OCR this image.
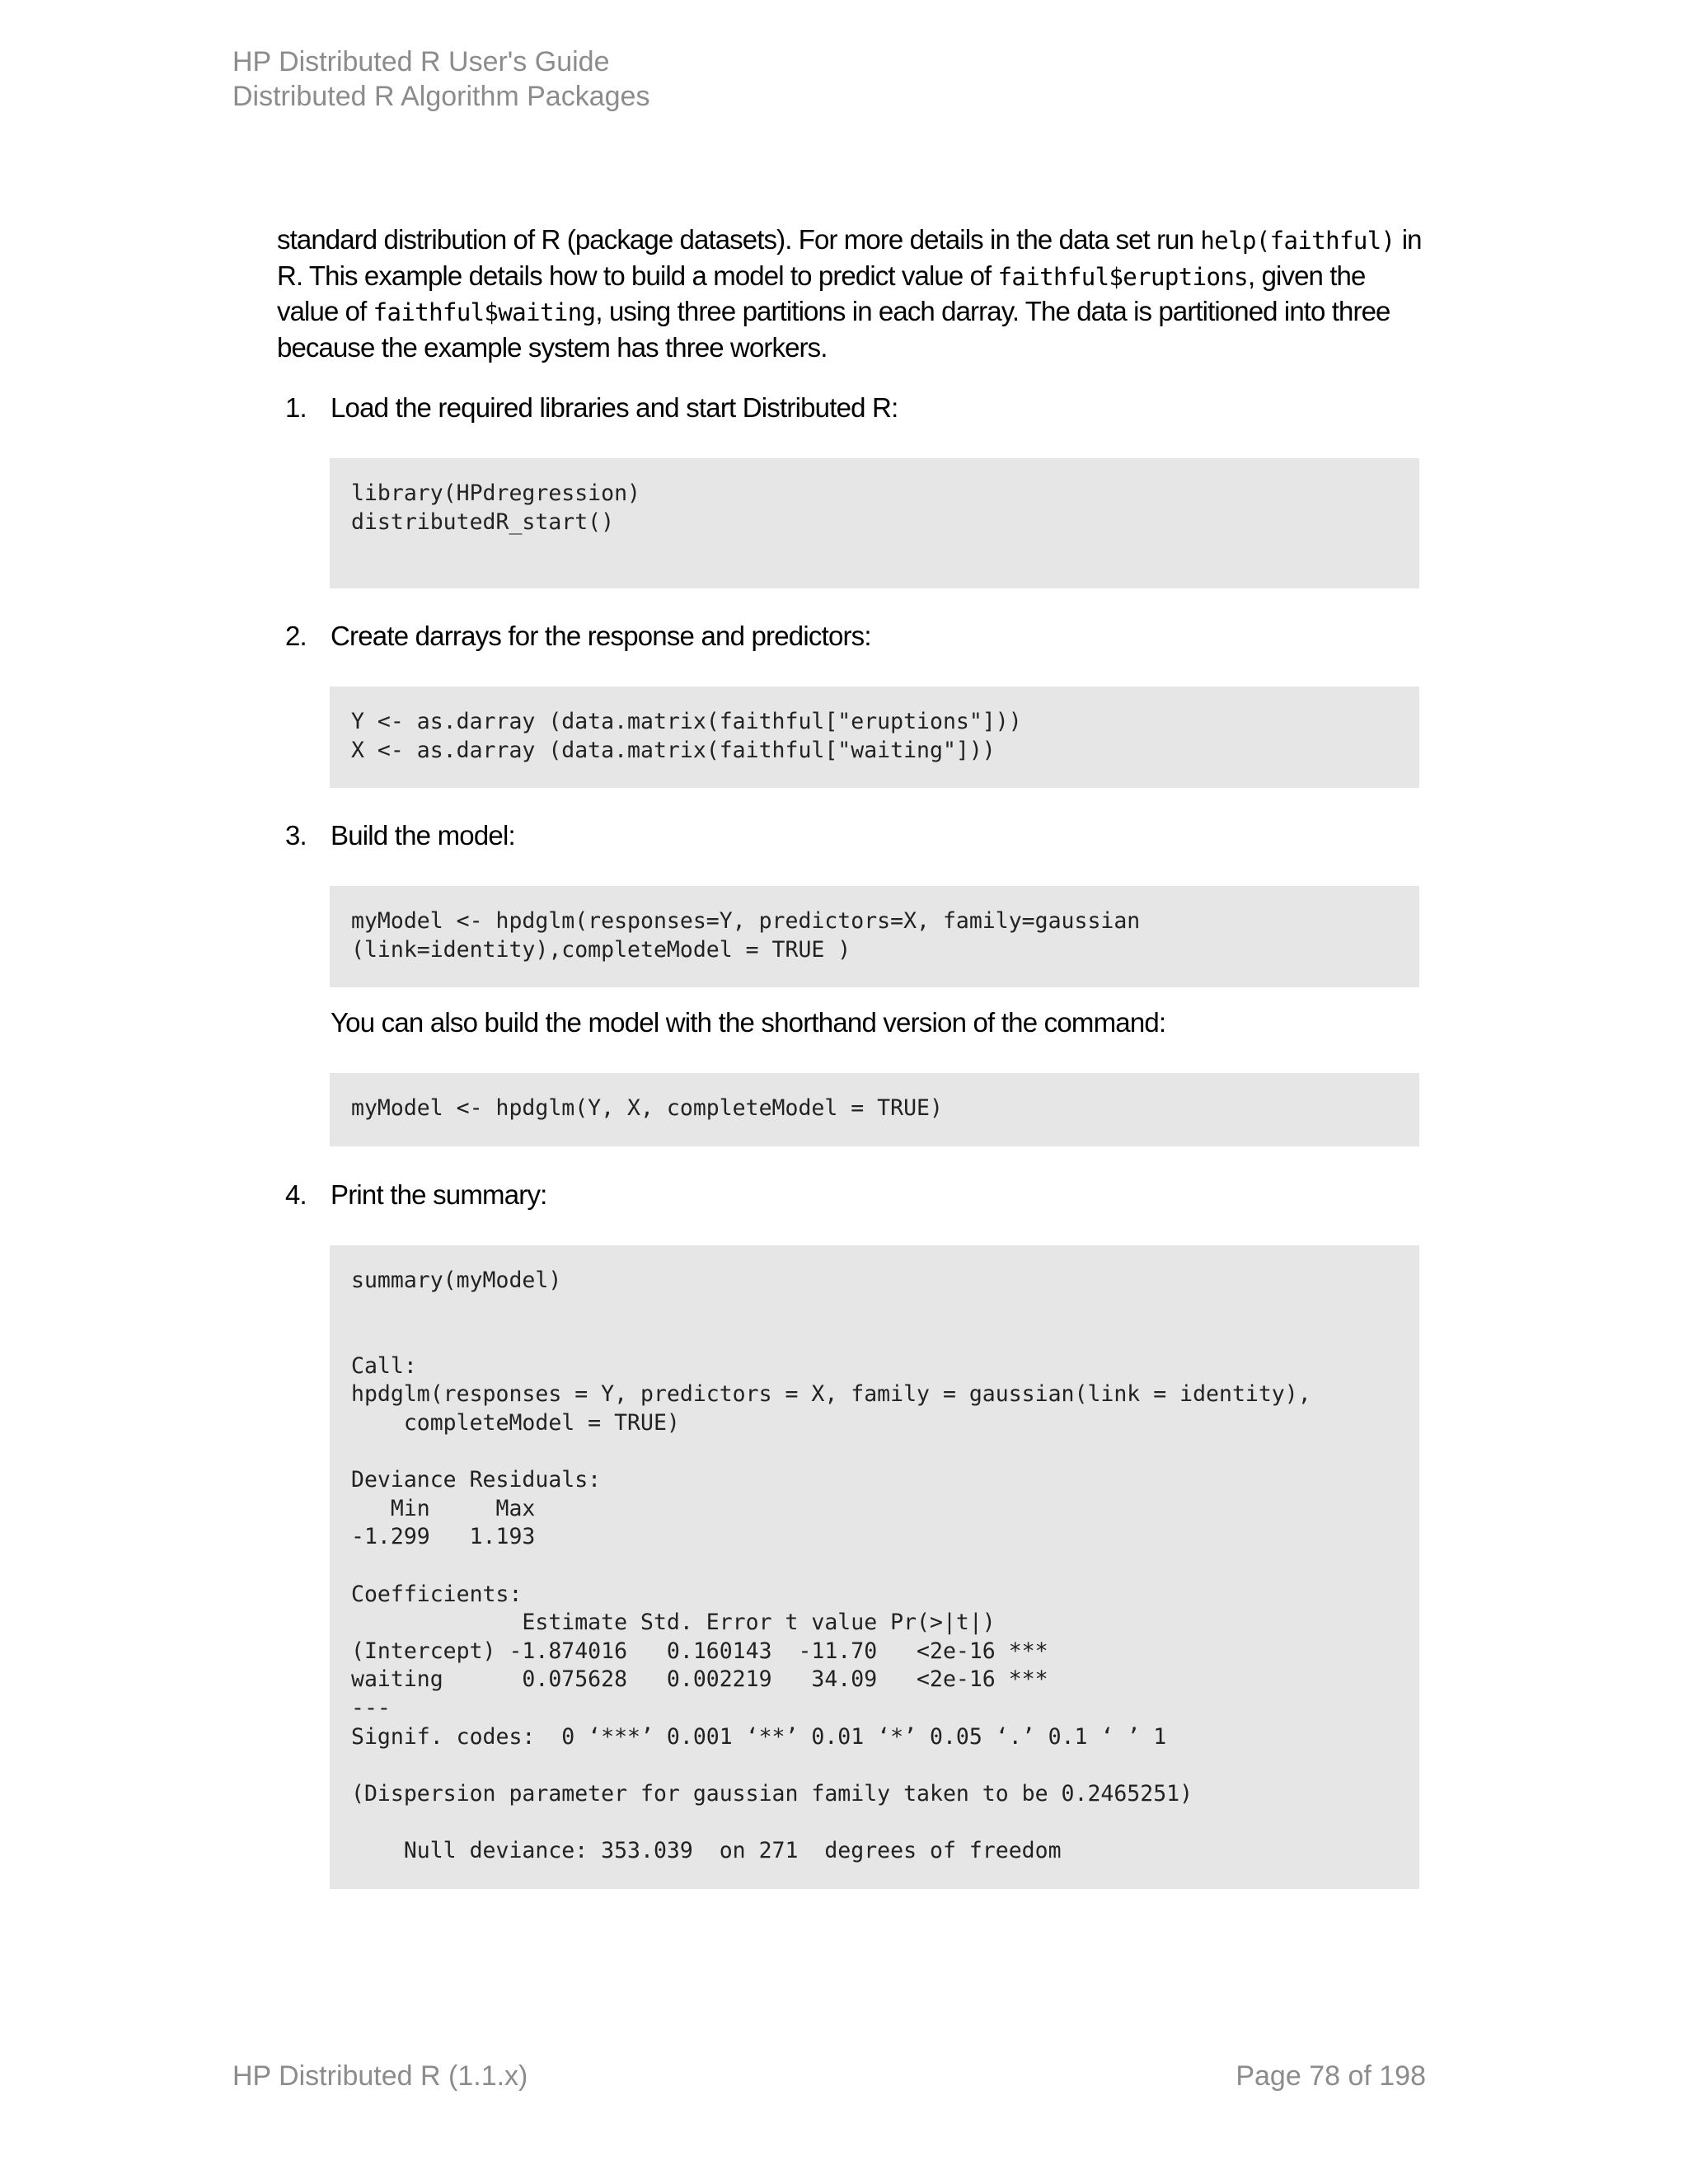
HP Distributed R User's Guide
Distributed R Algorithm Packages
standard distribution of R (package datasets). For more details in the data set run help(faithful) in R. This example details how to build a model to predict value of faithful$eruptions, given the value of faithful$waiting, using three partitions in each darray. The data is partitioned into three because the example system has three workers.
1. Load the required libraries and start Distributed R:
library(HPdregression)
distributedR_start()
2. Create darrays for the response and predictors:
Y <- as.darray (data.matrix(faithful["eruptions"]))
X <- as.darray (data.matrix(faithful["waiting"]))
3. Build the model:
myModel <- hpdglm(responses=Y, predictors=X, family=gaussian
(link=identity),completeModel = TRUE )
You can also build the model with the shorthand version of the command:
myModel <- hpdglm(Y, X, completeModel = TRUE)
4. Print the summary:
summary(myModel)
Call:
hpdglm(responses = Y, predictors = X, family = gaussian(link = identity),
completeModel = TRUE)
Deviance Residuals:
Min     Max
-1.299   1.193
Coefficients:
Estimate Std. Error t value Pr(>|t|)
(Intercept) -1.874016   0.160143  -11.70   <2e-16 ***
waiting      0.075628   0.002219   34.09   <2e-16 ***
---
Signif. codes:  0 ‘***’ 0.001 ‘**’ 0.01 ‘*’ 0.05 ‘.’ 0.1 ‘ ’ 1
(Dispersion parameter for gaussian family taken to be 0.2465251)
Null deviance: 353.039  on 271  degrees of freedom
HP Distributed R (1.1.x)	Page 78 of 198
